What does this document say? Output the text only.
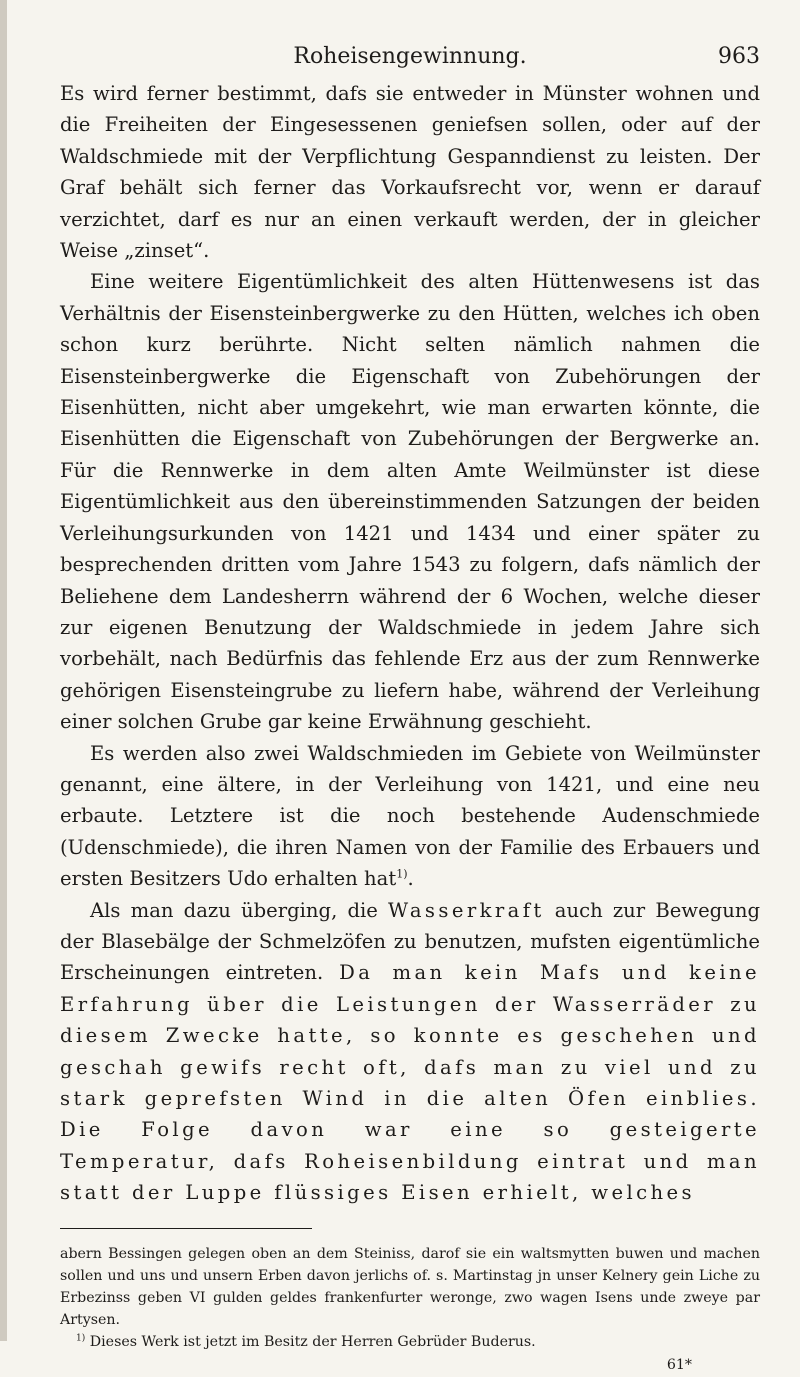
Roheisengewinnung.	963

Es wird ferner bestimmt, dafs sie entweder in Münster wohnen und die Freiheiten der Eingesessenen geniefsen sollen, oder auf der Waldschmiede mit der Verpflichtung Gespanndienst zu leisten. Der Graf behält sich ferner das Vorkaufsrecht vor, wenn er darauf verzichtet, darf es nur an einen verkauft werden, der in gleicher Weise „zinset“.

Eine weitere Eigentümlichkeit des alten Hüttenwesens ist das Verhältnis der Eisensteinbergwerke zu den Hütten, welches ich oben schon kurz berührte. Nicht selten nämlich nahmen die Eisensteinbergwerke die Eigenschaft von Zubehörungen der Eisenhütten, nicht aber umgekehrt, wie man erwarten könnte, die Eisenhütten die Eigenschaft von Zubehörungen der Bergwerke an. Für die Rennwerke in dem alten Amte Weilmünster ist diese Eigentümlichkeit aus den übereinstimmenden Satzungen der beiden Verleihungsurkunden von 1421 und 1434 und einer später zu besprechenden dritten vom Jahre 1543 zu folgern, dafs nämlich der Beliehene dem Landesherrn während der 6 Wochen, welche dieser zur eigenen Benutzung der Waldschmiede in jedem Jahre sich vorbehält, nach Bedürfnis das fehlende Erz aus der zum Rennwerke gehörigen Eisensteingrube zu liefern habe, während der Verleihung einer solchen Grube gar keine Erwähnung geschieht.

Es werden also zwei Waldschmieden im Gebiete von Weilmünster genannt, eine ältere, in der Verleihung von 1421, und eine neu erbaute. Letztere ist die noch bestehende Audenschmiede (Udenschmiede), die ihren Namen von der Familie des Erbauers und ersten Besitzers Udo erhalten hat$^{1)}$.

Als man dazu überging, die Wasserkraft auch zur Bewegung der Blasebälge der Schmelzöfen zu benutzen, mufsten eigentümliche Erscheinungen eintreten. Da man kein Mafs und keine Erfahrung über die Leistungen der Wasserräder zu diesem Zwecke hatte, so konnte es geschehen und geschah gewifs recht oft, dafs man zu viel und zu stark geprefsten Wind in die alten Öfen einblies. Die Folge davon war eine so gesteigerte Temperatur, dafs Roheisenbildung eintrat und man statt der Luppe flüssiges Eisen erhielt, welches

abern Bessingen gelegen oben an dem Steiniss, darof sie ein waltsmytten buwen und machen sollen und uns und unsern Erben davon jerlichs of. s. Martinstag jn unser Kelnery gein Liche zu Erbezinss geben VI gulden geldes frankenfurter weronge, zwo wagen Isens unde zweye par Artysen.

$^{1)}$ Dieses Werk ist jetzt im Besitz der Herren Gebrüder Buderus.

61*
